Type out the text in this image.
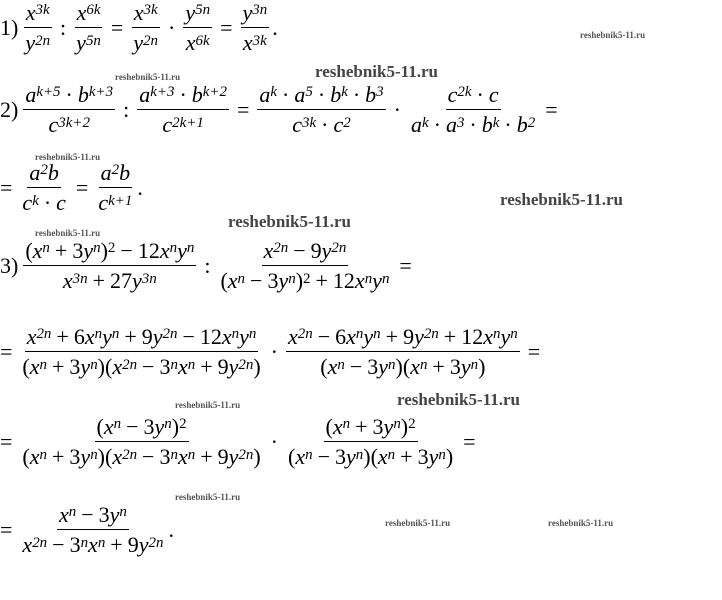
reshebnik5-11.ru
reshebnik5-11.ru	reshebnik5-11.ru
reshebnik5-11.ru
reshebnik5-11.ru
reshebnik5-11.ru
reshebnik5-11.ru
reshebnik5-11.ru	reshebnik5-11.ru
reshebnik5-11.ru
reshebnik5-11.ru	reshebnik5-11.ru
$1) \frac{x^{3k}}{y^{2n}}$ : $\frac{x^{6k}}{y^{5n}} = \frac{x^{3k}}{y^{2n}} \cdot \frac{y^{5n}}{x^{6k}} = \frac{y^{3n}}{x^{3k}}$ .
$2) \frac{a^{k+5} \cdot b^{k+3}}{c^{3k+2}}$ : $\frac{a^{k+3} \cdot b^{k+2}}{c^{2k+1}} = \frac{a^k \cdot a^5 \cdot b^k \cdot b^3}{c^{3k} \cdot c^2} \cdot \frac{c^{2k} \cdot c}{a^k \cdot a^3 \cdot b^k \cdot b^2}$ =
= $\frac{a^2 b}{c^k \cdot c} = \frac{a^2 b}{c^{k+1}}$ .
$3) \frac{( x^n + 3 y^n )^2 - 12 x^n y^n}{x^{3n} + 27 y^{3n}}$ : $\frac{x^{2n} - 9 y^{2n}}{( x^n - 3 y^n )^2 + 12 x^n y^n}$ =
= $\frac{x^{2n} + 6 x^n y^n + 9 y^{2n} - 12 x^n y^n}{( x^n + 3 y^n )( x^{2n} - 3^n x^n + 9 y^{2n} )} \cdot \frac{x^{2n} - 6 x^n y^n + 9 y^{2n} + 12 x^n y^n}{( x^n - 3 y^n )( x^n + 3 y^n )}$ =
= $\frac{( x^n - 3 y^n )^2}{( x^n + 3 y^n )( x^{2n} - 3^n x^n + 9 y^{2n} )} \cdot \frac{( x^n + 3 y^n )^2}{( x^n - 3 y^n )( x^n + 3 y^n )}$ =
= $\frac{x^n - 3 y^n}{x^{2n} - 3^n x^n + 9 y^{2n}}$ .
